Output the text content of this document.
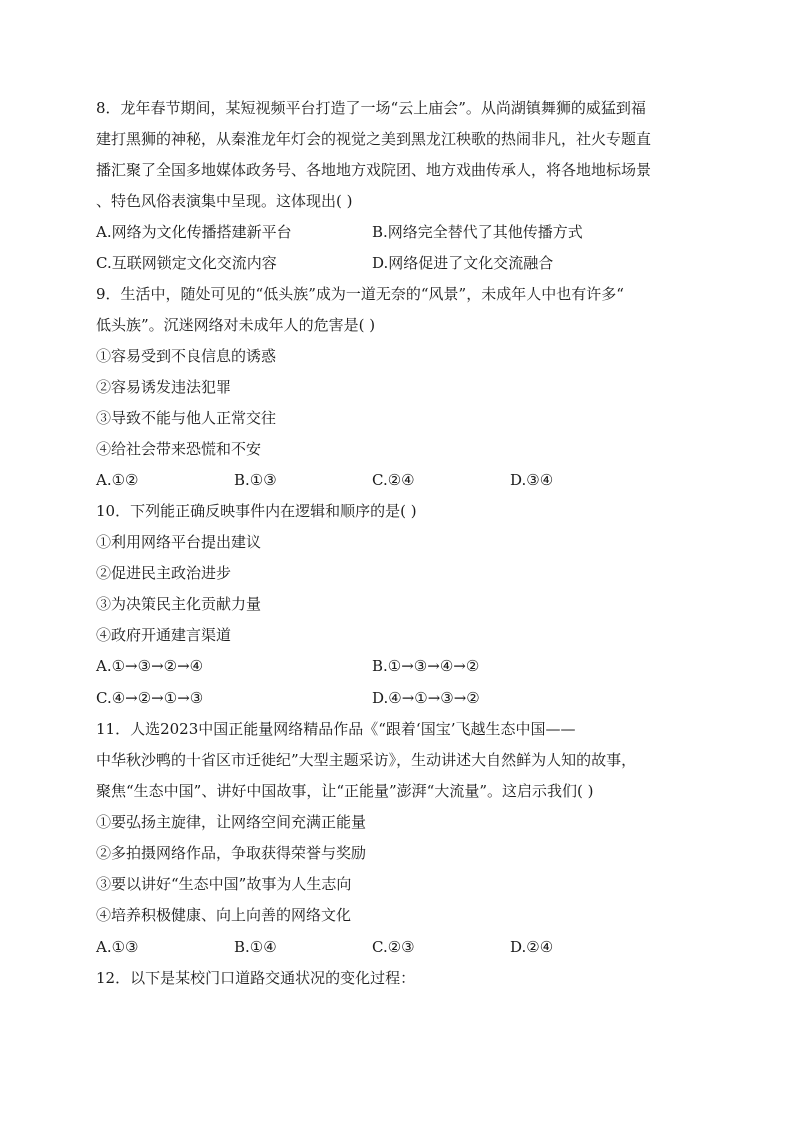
8．龙年春节期间，某短视频平台打造了一场“云上庙会”。从尚湖镇舞狮的威猛到福
建打黑狮的神秘，从秦淮龙年灯会的视觉之美到黑龙江秧歌的热闹非凡，社火专题直
播汇聚了全国多地媒体政务号、各地地方戏院团、地方戏曲传承人，将各地地标场景
、特色风俗表演集中呈现。这体现出( )
A.网络为文化传播搭建新平台	B.网络完全替代了其他传播方式
C.互联网锁定文化交流内容	D.网络促进了文化交流融合
9．生活中，随处可见的“低头族”成为一道无奈的“风景”，未成年人中也有许多“
低头族”。沉迷网络对未成年人的危害是( )
①容易受到不良信息的诱惑
②容易诱发违法犯罪
③导致不能与他人正常交往
④给社会带来恐慌和不安
A.①②	B.①③	C.②④	D.③④
10．下列能正确反映事件内在逻辑和顺序的是( )
①利用网络平台提出建议
②促进民主政治进步
③为决策民主化贡献力量
④政府开通建言渠道
A.①→③→②→④	B.①→③→④→②
C.④→②→①→③	D.④→①→③→②
11．人选2023中国正能量网络精品作品《“跟着‘国宝’飞越生态中国——
中华秋沙鸭的十省区市迁徙纪”大型主题采访》，生动讲述大自然鲜为人知的故事，
聚焦“生态中国”、讲好中国故事，让“正能量”澎湃“大流量”。这启示我们( )
①要弘扬主旋律，让网络空间充满正能量
②多拍摄网络作品，争取获得荣誉与奖励
③要以讲好“生态中国”故事为人生志向
④培养积极健康、向上向善的网络文化
A.①③	B.①④	C.②③	D.②④
12．以下是某校门口道路交通状况的变化过程：
